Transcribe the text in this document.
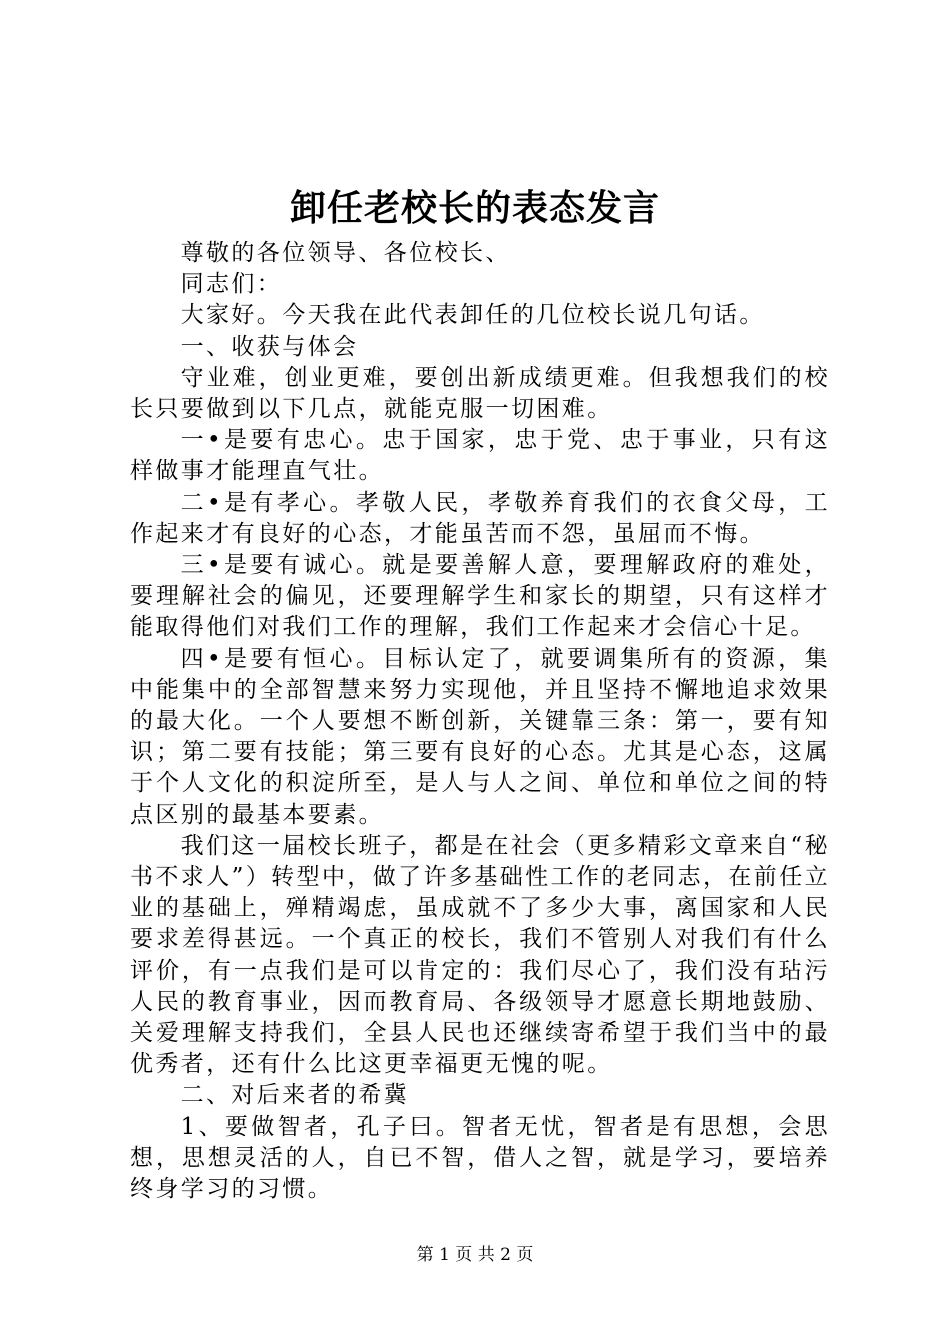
卸任老校长的表态发言

尊敬的各位领导、各位校长、

同志们：

大家好。今天我在此代表卸任的几位校长说几句话。

一、收获与体会

守业难，创业更难，要创出新成绩更难。但我想我们的校长只要做到以下几点，就能克服一切困难。

一•是要有忠心。忠于国家，忠于党、忠于事业，只有这样做事才能理直气壮。

二•是有孝心。孝敬人民，孝敬养育我们的衣食父母，工作起来才有良好的心态，才能虽苦而不怨，虽屈而不悔。

三•是要有诚心。就是要善解人意，要理解政府的难处，要理解社会的偏见，还要理解学生和家长的期望，只有这样才能取得他们对我们工作的理解，我们工作起来才会信心十足。

四•是要有恒心。目标认定了，就要调集所有的资源，集中能集中的全部智慧来努力实现他，并且坚持不懈地追求效果的最大化。一个人要想不断创新，关键靠三条：第一，要有知识；第二要有技能；第三要有良好的心态。尤其是心态，这属于个人文化的积淀所至，是人与人之间、单位和单位之间的特点区别的最基本要素。

我们这一届校长班子，都是在社会（更多精彩文章来自“秘书不求人”）转型中，做了许多基础性工作的老同志，在前任立业的基础上，殚精竭虑，虽成就不了多少大事，离国家和人民要求差得甚远。一个真正的校长，我们不管别人对我们有什么评价，有一点我们是可以肯定的：我们尽心了，我们没有玷污人民的教育事业，因而教育局、各级领导才愿意长期地鼓励、关爱理解支持我们，全县人民也还继续寄希望于我们当中的最优秀者，还有什么比这更幸福更无愧的呢。

二、对后来者的希冀

1、要做智者，孔子曰。智者无忧，智者是有思想，会思想，思想灵活的人，自已不智，借人之智，就是学习，要培养终身学习的习惯。

第 1 页 共 2 页
